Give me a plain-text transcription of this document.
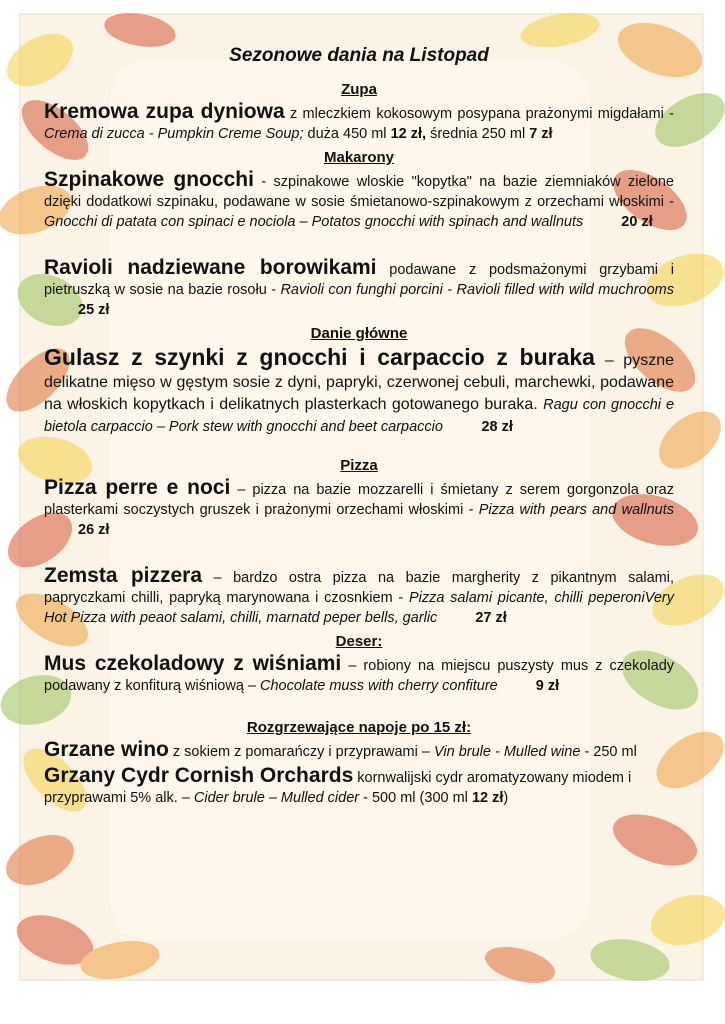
Sezonowe dania na Listopad
Zupa
Kremowa zupa dyniowa z mleczkiem kokosowym posypana prażonymi migdałami - Crema di zucca - Pumpkin Creme Soup; duża 450 ml 12 zł, średnia 250 ml 7 zł
Makarony
Szpinakowe gnocchi - szpinakowe wloskie "kopytka" na bazie ziemniaków zielone dzięki dodatkowi szpinaku, podawane w sosie śmietanowo-szpinakowym z orzechami włoskimi - Gnocchi di patata con spinaci e nociola – Potatos gnocchi with spinach and wallnuts	20 zł
Ravioli nadziewane borowikami podawane z podsmażonymi grzybami i pietruszką w sosie na bazie rosołu - Ravioli con funghi porcini - Ravioli filled with wild muchrooms 25 zł
Danie główne
Gulasz z szynki z gnocchi i carpaccio z buraka – pyszne delikatne mięso w gęstym sosie z dyni, papryki, czerwonej cebuli, marchewki, podawane na włoskich kopytkach i delikatnych plasterkach gotowanego buraka. Ragu con gnocchi e bietola carpaccio – Pork stew with gnocchi and beet carpaccio	28 zł
Pizza
Pizza perre e noci – pizza na bazie mozzarelli i śmietany z serem gorgonzola oraz plasterkami soczystych gruszek i prażonymi orzechami włoskimi - Pizza with pears and wallnuts 26 zł
Zemsta pizzera – bardzo ostra pizza na bazie margherity z pikantnym salami, papryczkami chilli, papryką marynowana i czosnkiem - Pizza salami picante, chilli peperoniVery Hot Pizza with peaot salami, chilli, marnatd peper bells, garlic	27 zł
Deser:
Mus czekoladowy z wiśniami – robiony na miejscu puszysty mus z czekolady podawany z konfiturą wiśniową – Chocolate muss with cherry confiture	9 zł
Rozgrzewające napoje po 15 zł:
Grzane wino z sokiem z pomarańczy i przyprawami – Vin brule - Mulled wine - 250 ml
Grzany Cydr Cornish Orchards kornwalijski cydr aromatyzowany miodem i przyprawami 5% alk. – Cider brule – Mulled cider - 500 ml (300 ml 12 zł)
